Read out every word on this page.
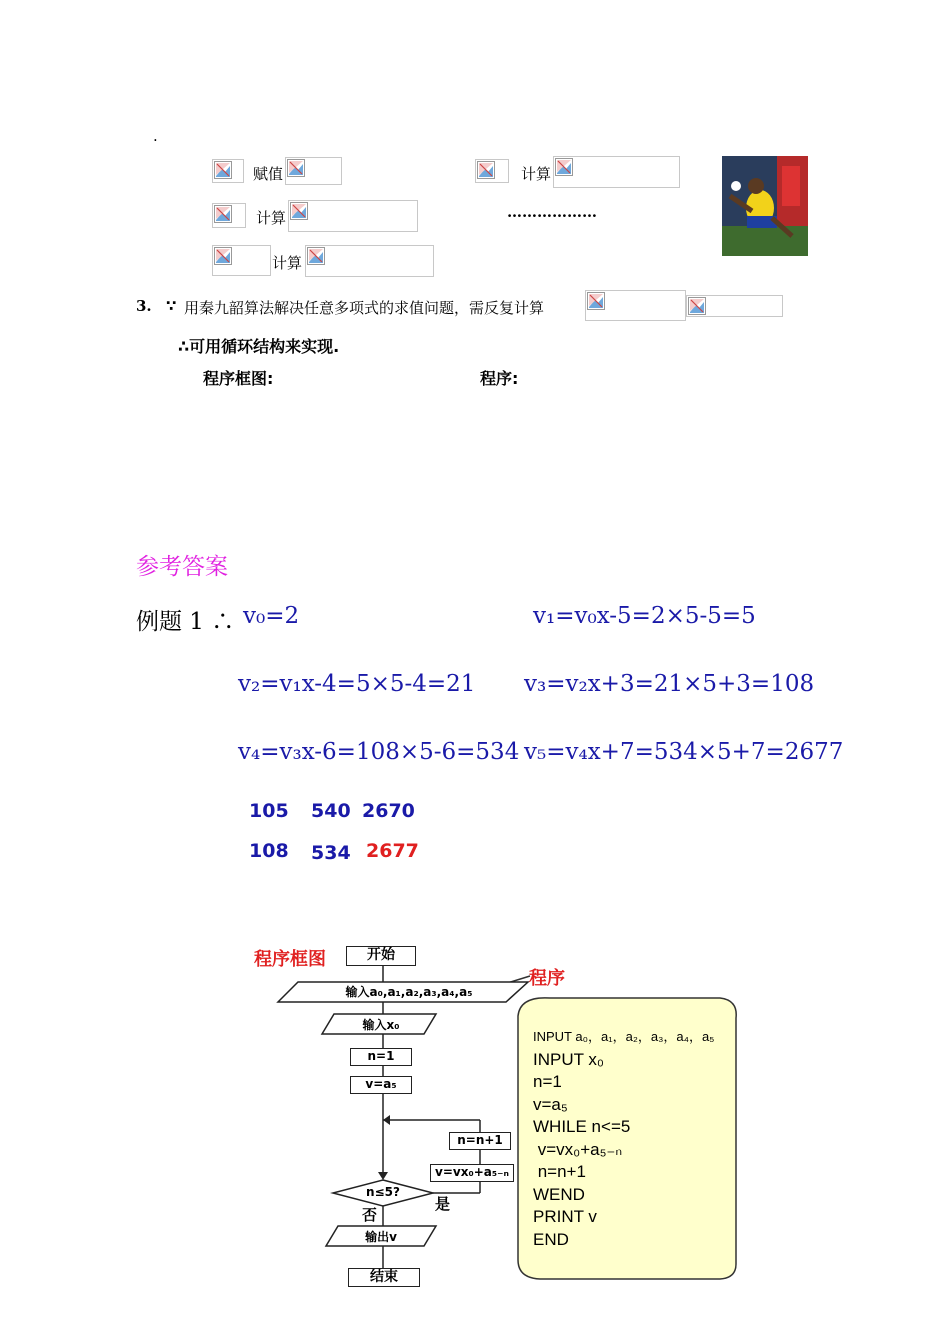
.
赋值	计算
计算	………………
计算
3. ∵ 用秦九韶算法解决任意多项式的求值问题，需反复计算
∴可用循环结构来实现.
程序框图:	程序:
参考答案
例题 1 ∴ v₀=2	v₁=v₀x-5=2×5-5=5
v₂=v₁x-4=5×5-4=21 v₃=v₂x+3=21×5+3=108
v₄=v₃x-6=108×5-6=534 v₅=v₄x+7=534×5+7=2677
105 540 2670
108 534 2677
程序框图	开始
程序
输入a₀,a₁,a₂,a₃,a₄,a₅
输入x₀
n=1
v=a₅
n=n+1
v=vx₀+a₅₋ₙ
n≤5?
是
否
输出v
结束
INPUT a₀，a₁，a₂，a₃，a₄，a₅
INPUT x₀
n=1
v=a₅
WHILE n<=5
v=vx₀+a₅₋ₙ
n=n+1
WEND
PRINT v
END
